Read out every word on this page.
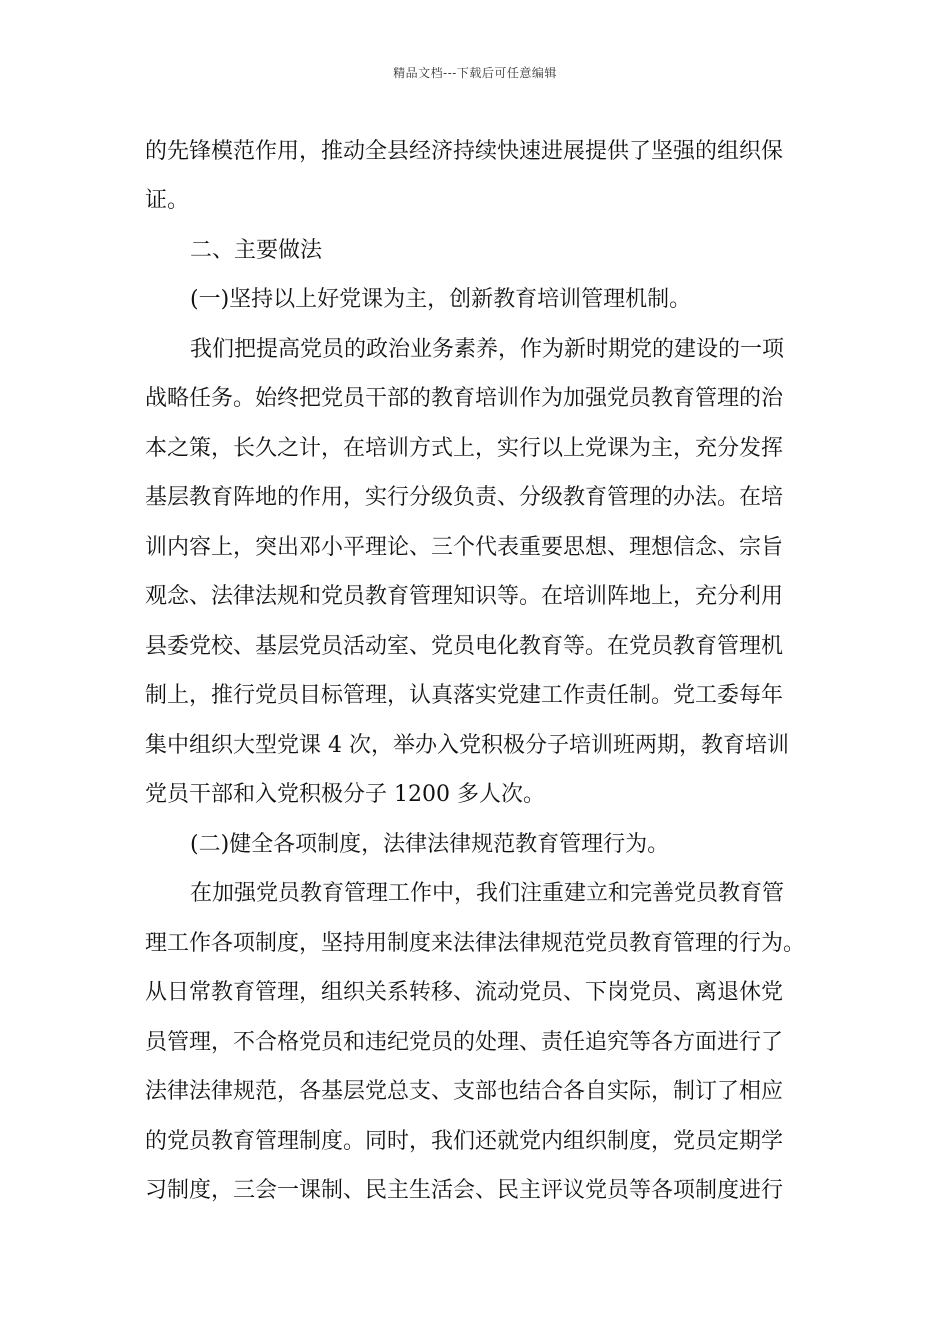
精品文档---下载后可任意编辑
的先锋模范作用，推动全县经济持续快速进展提供了坚强的组织保
证。
二、主要做法
(一)坚持以上好党课为主，创新教育培训管理机制。
我们把提高党员的政治业务素养，作为新时期党的建设的一项
战略任务。始终把党员干部的教育培训作为加强党员教育管理的治
本之策，长久之计，在培训方式上，实行以上党课为主，充分发挥
基层教育阵地的作用，实行分级负责、分级教育管理的办法。在培
训内容上，突出邓小平理论、三个代表重要思想、理想信念、宗旨
观念、法律法规和党员教育管理知识等。在培训阵地上，充分利用
县委党校、基层党员活动室、党员电化教育等。在党员教育管理机
制上，推行党员目标管理，认真落实党建工作责任制。党工委每年
集中组织大型党课 4 次，举办入党积极分子培训班两期，教育培训
党员干部和入党积极分子 1200 多人次。
(二)健全各项制度，法律法律规范教育管理行为。
在加强党员教育管理工作中，我们注重建立和完善党员教育管
理工作各项制度，坚持用制度来法律法律规范党员教育管理的行为。
从日常教育管理，组织关系转移、流动党员、下岗党员、离退休党
员管理，不合格党员和违纪党员的处理、责任追究等各方面进行了
法律法律规范，各基层党总支、支部也结合各自实际，制订了相应
的党员教育管理制度。同时，我们还就党内组织制度，党员定期学
习制度，三会一课制、民主生活会、民主评议党员等各项制度进行
